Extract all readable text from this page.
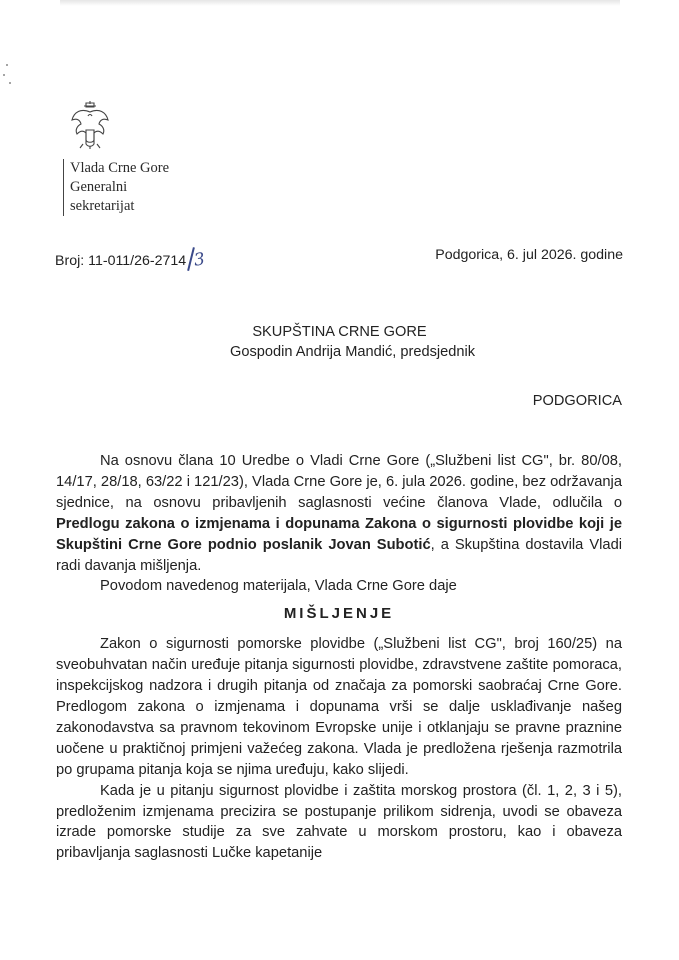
Vlada Crne Gore
Generalni
sekretarijat
Broj: 11-011/26-2714 3	Podgorica, 6. jul 2026. godine
SKUPŠTINA CRNE GORE
Gospodin Andrija Mandić, predsjednik
PODGORICA

Na osnovu člana 10 Uredbe o Vladi Crne Gore („Službeni list CG", br. 80/08, 14/17, 28/18, 63/22 i 121/23), Vlada Crne Gore je, 6. jula 2026. godine, bez održavanja sjednice, na osnovu pribavljenih saglasnosti većine članova Vlade, odlučila o Predlogu zakona o izmjenama i dopunama Zakona o sigurnosti plovidbe koji je Skupštini Crne Gore podnio poslanik Jovan Subotić, a Skupština dostavila Vladi radi davanja mišljenja.

Povodom navedenog materijala, Vlada Crne Gore daje

MIŠLJENJE

Zakon o sigurnosti pomorske plovidbe („Službeni list CG", broj 160/25) na sveobuhvatan način uređuje pitanja sigurnosti plovidbe, zdravstvene zaštite pomoraca, inspekcijskog nadzora i drugih pitanja od značaja za pomorski saobraćaj Crne Gore. Predlogom zakona o izmjenama i dopunama vrši se dalje usklađivanje našeg zakonodavstva sa pravnom tekovinom Evropske unije i otklanjaju se pravne praznine uočene u praktičnoj primjeni važećeg zakona. Vlada je predložena rješenja razmotrila po grupama pitanja koja se njima uređuju, kako slijedi.

Kada je u pitanju sigurnost plovidbe i zaštita morskog prostora (čl. 1, 2, 3 i 5), predloženim izmjenama precizira se postupanje prilikom sidrenja, uvodi se obaveza izrade pomorske studije za sve zahvate u morskom prostoru, kao i obaveza pribavljanja saglasnosti Lučke kapetanije
